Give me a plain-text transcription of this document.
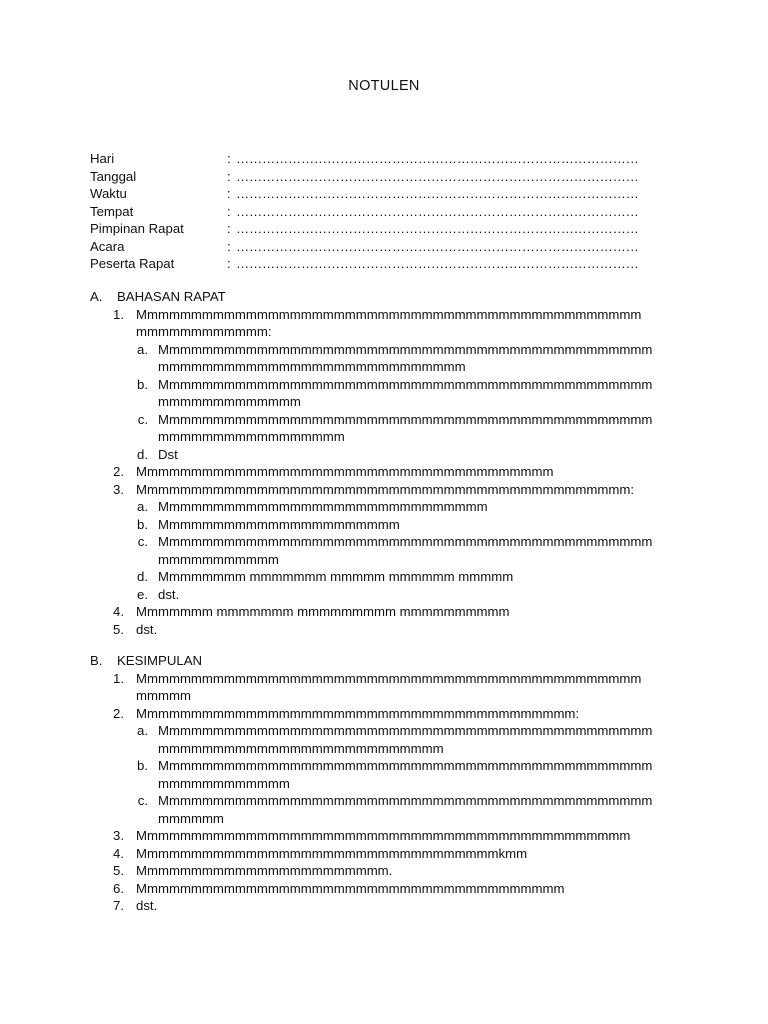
NOTULEN
Hari	: …………………………………………………………………………………
Tanggal	: …………………………………………………………………………………
Waktu	: …………………………………………………………………………………
Tempat	: …………………………………………………………………………………
Pimpinan Rapat	: …………………………………………………………………………………
Acara	: …………………………………………………………………………………
Peserta Rapat	: …………………………………………………………………………………
A. BAHASAN RAPAT
1. Mmmmmmmmmmmmmmmmmmmmmmmmmmmmmmmmmmmmmmmmmmmmmm
mmmmmmmmmmmm:
a. Mmmmmmmmmmmmmmmmmmmmmmmmmmmmmmmmmmmmmmmmmmmmm
mmmmmmmmmmmmmmmmmmmmmmmmmmmm
b. Mmmmmmmmmmmmmmmmmmmmmmmmmmmmmmmmmmmmmmmmmmmmm
mmmmmmmmmmmmm
c. Mmmmmmmmmmmmmmmmmmmmmmmmmmmmmmmmmmmmmmmmmmmmm
mmmmmmmmmmmmmmmmm
d. Dst
2. Mmmmmmmmmmmmmmmmmmmmmmmmmmmmmmmmmmmmmm
3. Mmmmmmmmmmmmmmmmmmmmmmmmmmmmmmmmmmmmmmmmmmmmm:
a. Mmmmmmmmmmmmmmmmmmmmmmmmmmmmmm
b. Mmmmmmmmmmmmmmmmmmmmmm
c. Mmmmmmmmmmmmmmmmmmmmmmmmmmmmmmmmmmmmmmmmmmmmm
mmmmmmmmmmm
d. Mmmmmmmm mmmmmmm mmmmm mmmmmm mmmmm
e. dst.
4. Mmmmmmm mmmmmmm mmmmmmmmm mmmmmmmmmm
5. dst.
B. KESIMPULAN
1. Mmmmmmmmmmmmmmmmmmmmmmmmmmmmmmmmmmmmmmmmmmmmmm
mmmmm
2. Mmmmmmmmmmmmmmmmmmmmmmmmmmmmmmmmmmmmmmmm:
a. Mmmmmmmmmmmmmmmmmmmmmmmmmmmmmmmmmmmmmmmmmmmmm
mmmmmmmmmmmmmmmmmmmmmmmmmm
b. Mmmmmmmmmmmmmmmmmmmmmmmmmmmmmmmmmmmmmmmmmmmmm
mmmmmmmmmmmm
c. Mmmmmmmmmmmmmmmmmmmmmmmmmmmmmmmmmmmmmmmmmmmmm
mmmmmm
3. Mmmmmmmmmmmmmmmmmmmmmmmmmmmmmmmmmmmmmmmmmmmmm
4. Mmmmmmmmmmmmmmmmmmmmmmmmmmmmmmmmmkmm
5. Mmmmmmmmmmmmmmmmmmmmmmm.
6. Mmmmmmmmmmmmmmmmmmmmmmmmmmmmmmmmmmmmmmm
7. dst.
